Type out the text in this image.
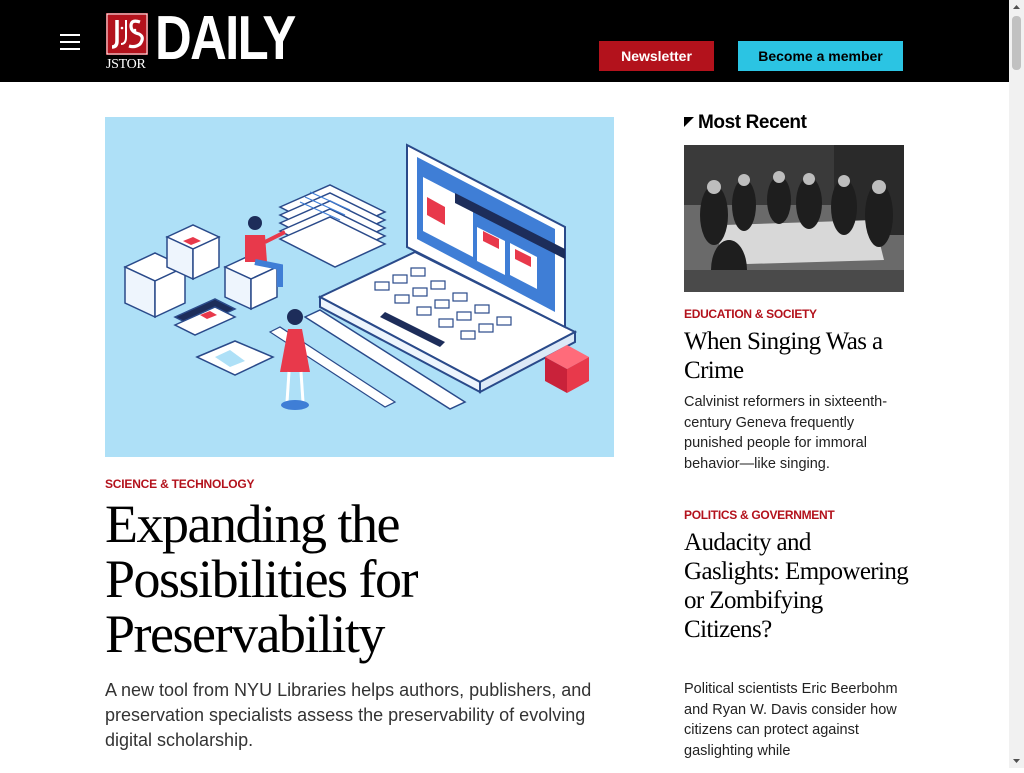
JSTOR DAILY	Newsletter	Become a member
SCIENCE & TECHNOLOGY
Expanding the Possibilities for Preservability

A new tool from NYU Libraries helps authors, publishers, and preservation specialists assess the preservability of evolving digital scholarship.

Most Recent
EDUCATION & SOCIETY
When Singing Was a Crime

Calvinist reformers in sixteenth-century Geneva frequently punished people for immoral behavior—like singing.

POLITICS & GOVERNMENT
Audacity and Gaslights: Empowering or Zombifying Citizens?

Political scientists Eric Beerbohm and Ryan W. Davis consider how citizens can protect against gaslighting while
